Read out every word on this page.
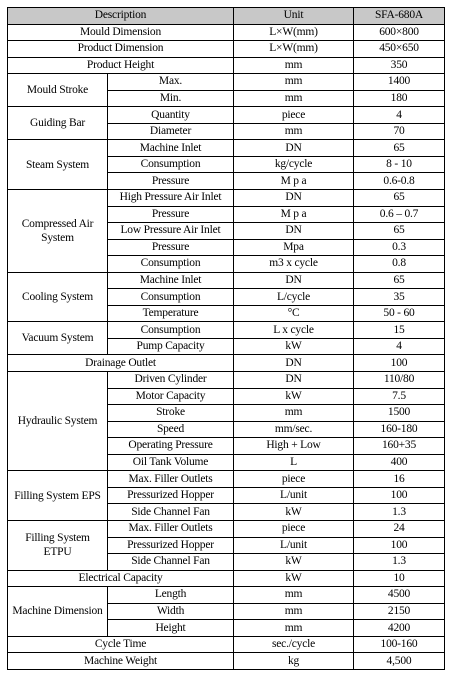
Description		Unit	SFA-680A
Mould Dimension		L×W(mm)	600×800
Product Dimension		L×W(mm)	450×650
Product Height		mm	350
Mould Stroke	Max.	mm	1400
	Min.	mm	180
Guiding Bar	Quantity	piece	4
	Diameter	mm	70
Steam System	Machine Inlet	DN	65
	Consumption	kg/cycle	8 - 10
	Pressure	M p a	0.6-0.8
Compressed Air System	High Pressure Air Inlet	DN	65
	Pressure	M p a	0.6 – 0.7
	Low Pressure Air Inlet	DN	65
	Pressure	Mpa	0.3
	Consumption	m3 x cycle	0.8
Cooling System	Machine Inlet	DN	65
	Consumption	L/cycle	35
	Temperature	°C	50 - 60
Vacuum System	Consumption	L x cycle	15
	Pump Capacity	kW	4
Drainage Outlet		DN	100
Hydraulic System	Driven Cylinder	DN	110/80
	Motor Capacity	kW	7.5
	Stroke	mm	1500
	Speed	mm/sec.	160-180
	Operating Pressure	High + Low	160+35
	Oil Tank Volume	L	400
Filling System EPS	Max. Filler Outlets	piece	16
	Pressurized Hopper	L/unit	100
	Side Channel Fan	kW	1.3
Filling System ETPU	Max. Filler Outlets	piece	24
	Pressurized Hopper	L/unit	100
	Side Channel Fan	kW	1.3
Electrical Capacity		kW	10
Machine Dimension	Length	mm	4500
	Width	mm	2150
	Height	mm	4200
Cycle Time		sec./cycle	100-160
Machine Weight		kg	4,500
